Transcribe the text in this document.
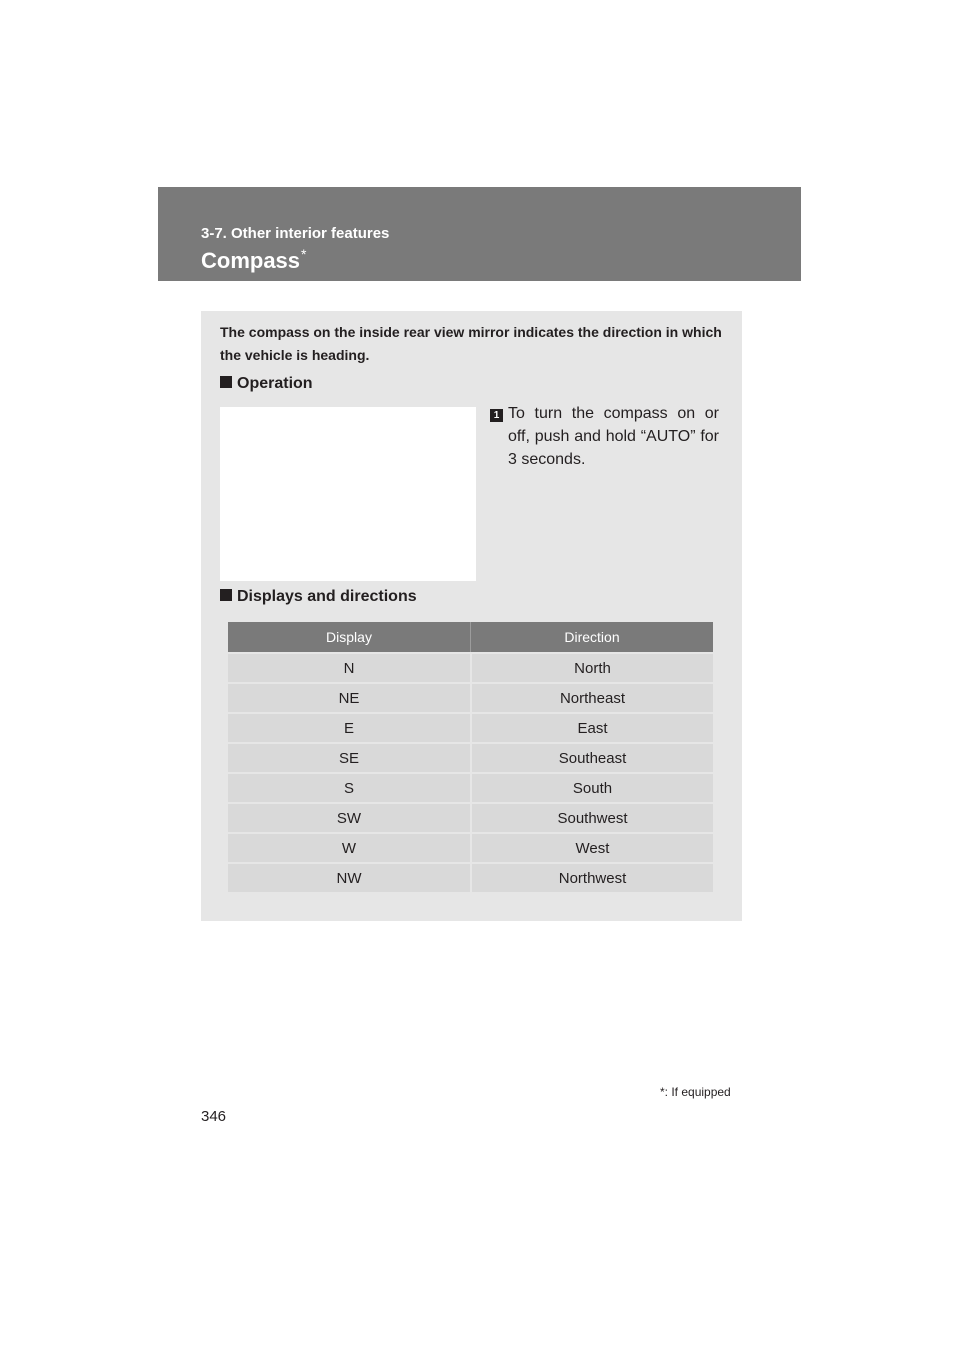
3-7. Other interior features
Compass*
The compass on the inside rear view mirror indicates the direction in which the vehicle is heading.
Operation
1 To turn the compass on or off, push and hold “AUTO” for 3 seconds.
Displays and directions
Display	Direction
N	North
NE	Northeast
E	East
SE	Southeast
S	South
SW	Southwest
W	West
NW	Northwest
*: If equipped
346
